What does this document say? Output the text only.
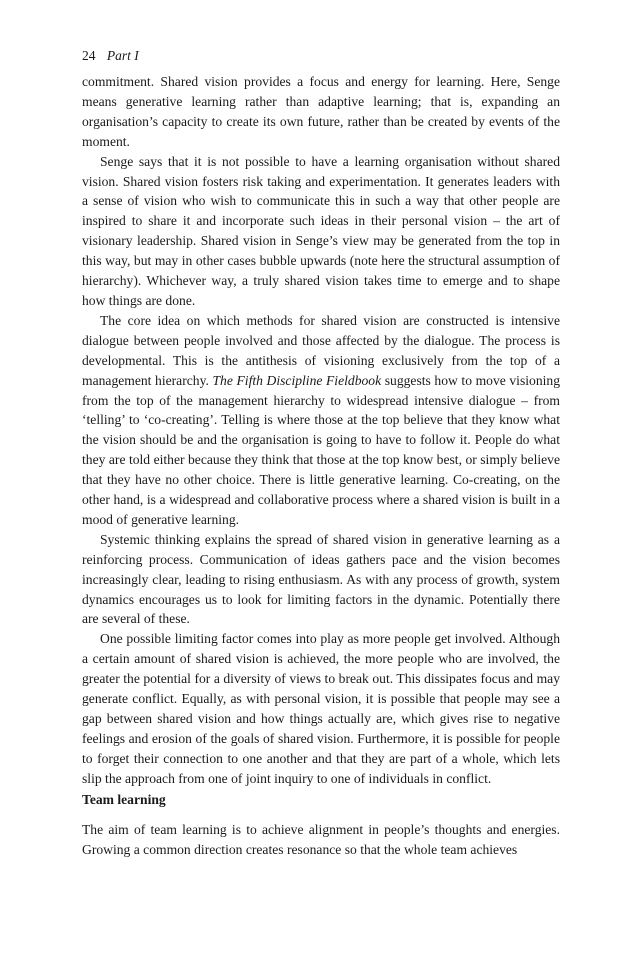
24 Part I

commitment. Shared vision provides a focus and energy for learning. Here, Senge means generative learning rather than adaptive learning; that is, expanding an organisation’s capacity to create its own future, rather than be created by events of the moment.

Senge says that it is not possible to have a learning organisation without shared vision. Shared vision fosters risk taking and experimentation. It generates leaders with a sense of vision who wish to communicate this in such a way that other people are inspired to share it and incorporate such ideas in their personal vision – the art of visionary leadership. Shared vision in Senge’s view may be generated from the top in this way, but may in other cases bubble upwards (note here the structural assumption of hierarchy). Whichever way, a truly shared vision takes time to emerge and to shape how things are done.

The core idea on which methods for shared vision are constructed is intensive dialogue between people involved and those affected by the dialogue. The process is developmental. This is the antithesis of visioning exclusively from the top of a management hierarchy. The Fifth Discipline Fieldbook suggests how to move visioning from the top of the management hierarchy to widespread intensive dialogue – from ‘telling’ to ‘co-creating’. Telling is where those at the top believe that they know what the vision should be and the organisation is going to have to follow it. People do what they are told either because they think that those at the top know best, or simply believe that they have no other choice. There is little generative learning. Co-creating, on the other hand, is a widespread and collaborative process where a shared vision is built in a mood of generative learning.

Systemic thinking explains the spread of shared vision in generative learning as a reinforcing process. Communication of ideas gathers pace and the vision becomes increasingly clear, leading to rising enthusiasm. As with any process of growth, system dynamics encourages us to look for limiting factors in the dynamic. Potentially there are several of these.

One possible limiting factor comes into play as more people get involved. Although a certain amount of shared vision is achieved, the more people who are involved, the greater the potential for a diversity of views to break out. This dissipates focus and may generate conflict. Equally, as with personal vision, it is possible that people may see a gap between shared vision and how things actually are, which gives rise to negative feelings and erosion of the goals of shared vision. Furthermore, it is possible for people to forget their connection to one another and that they are part of a whole, which lets slip the approach from one of joint inquiry to one of individuals in conflict.

Team learning

The aim of team learning is to achieve alignment in people’s thoughts and energies. Growing a common direction creates resonance so that the whole team achieves
